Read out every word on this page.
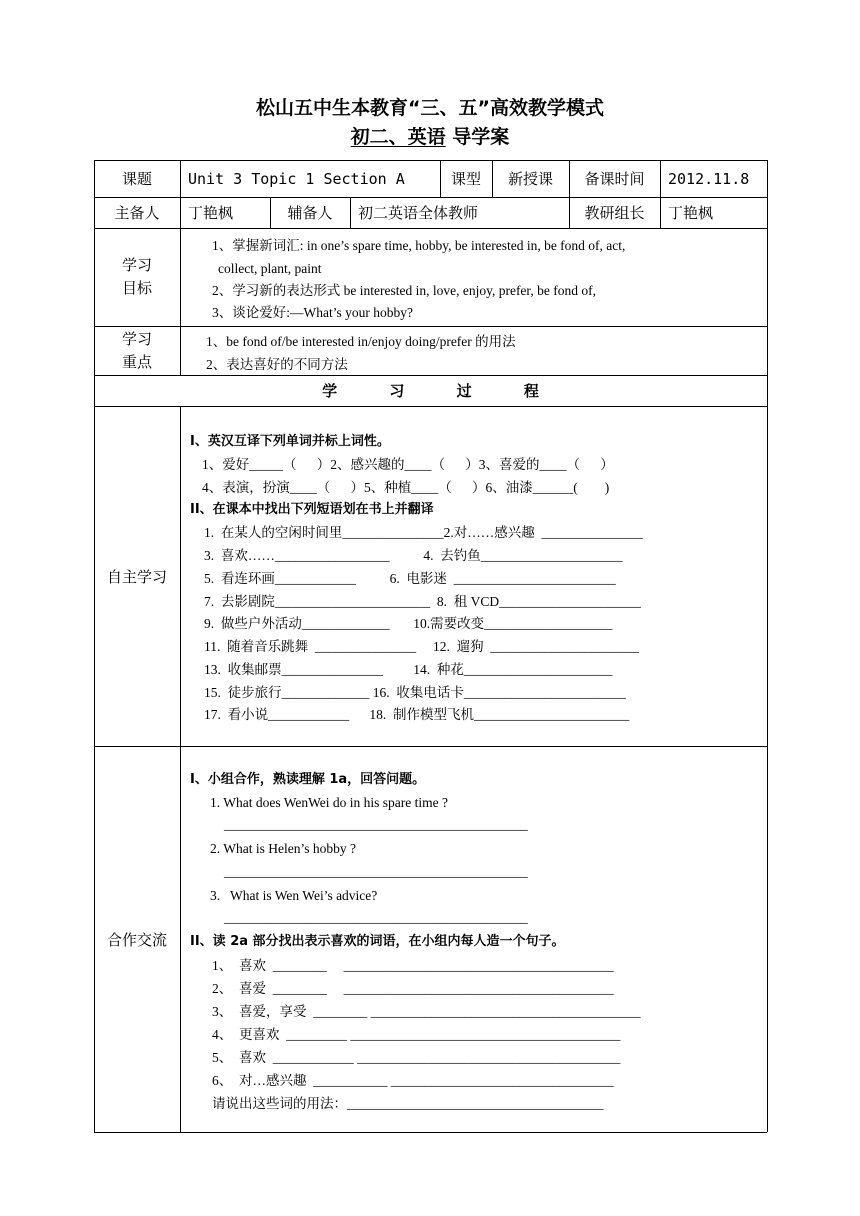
松山五中生本教育“三、五”高效教学模式
初二、英语 导学案
课题	Unit 3 Topic 1 Section A	课型	新授课	备课时间	2012.11.8
主备人	丁艳枫	辅备人	初二英语全体教师	教研组长	丁艳枫
学习
目标
1、掌握新词汇: in one’s spare time, hobby, be interested in, be fond of, act,
collect, plant, paint
2、学习新的表达形式 be interested in, love, enjoy, prefer, be fond of,
3、谈论爱好:—What’s your hobby?
学习
重点
1、be fond of/be interested in/enjoy doing/prefer 的用法
2、表达喜好的不同方法
学          习          过          程
自主学习
Ⅰ、英汉互译下列单词并标上词性。
1、爱好_____（      ）2、感兴趣的____（      ）3、喜爱的____（      ）
4、表演，扮演____（      ）5、种植____（      ）6、油漆______(        )
II、在课本中找出下列短语划在书上并翻译
1.  在某人的空闲时间里_______________2.对……感兴趣  _______________
3.  喜欢……_________________          4.  去钓鱼_____________________
5.  看连环画____________          6.  电影迷  ________________________
7.  去影剧院_______________________  8.  租 VCD_____________________
9.  做些户外活动_____________       10.需要改变___________________
11.  随着音乐跳舞  _______________     12.  遛狗  ______________________
13.  收集邮票_______________         14.  种花______________________
15.  徒步旅行_____________ 16.  收集电话卡________________________
17.  看小说____________      18.  制作模型飞机_______________________
合作交流
Ⅰ、小组合作，熟读理解 1a，回答问题。
1. What does WenWei do in his spare time ?
_____________________________________________
2. What is Helen’s hobby ?
_____________________________________________
3.   What is Wen Wei’s advice?
_____________________________________________
II、读 2a 部分找出表示喜欢的词语，在小组内每人造一个句子。
1、  喜欢  ________     ________________________________________
2、  喜爱  ________     ________________________________________
3、  喜爱，享受  ________ ________________________________________
4、  更喜欢  _________ ________________________________________
5、  喜欢  ____________ _______________________________________
6、  对…感兴趣  ___________ _________________________________
请说出这些词的用法：______________________________________
